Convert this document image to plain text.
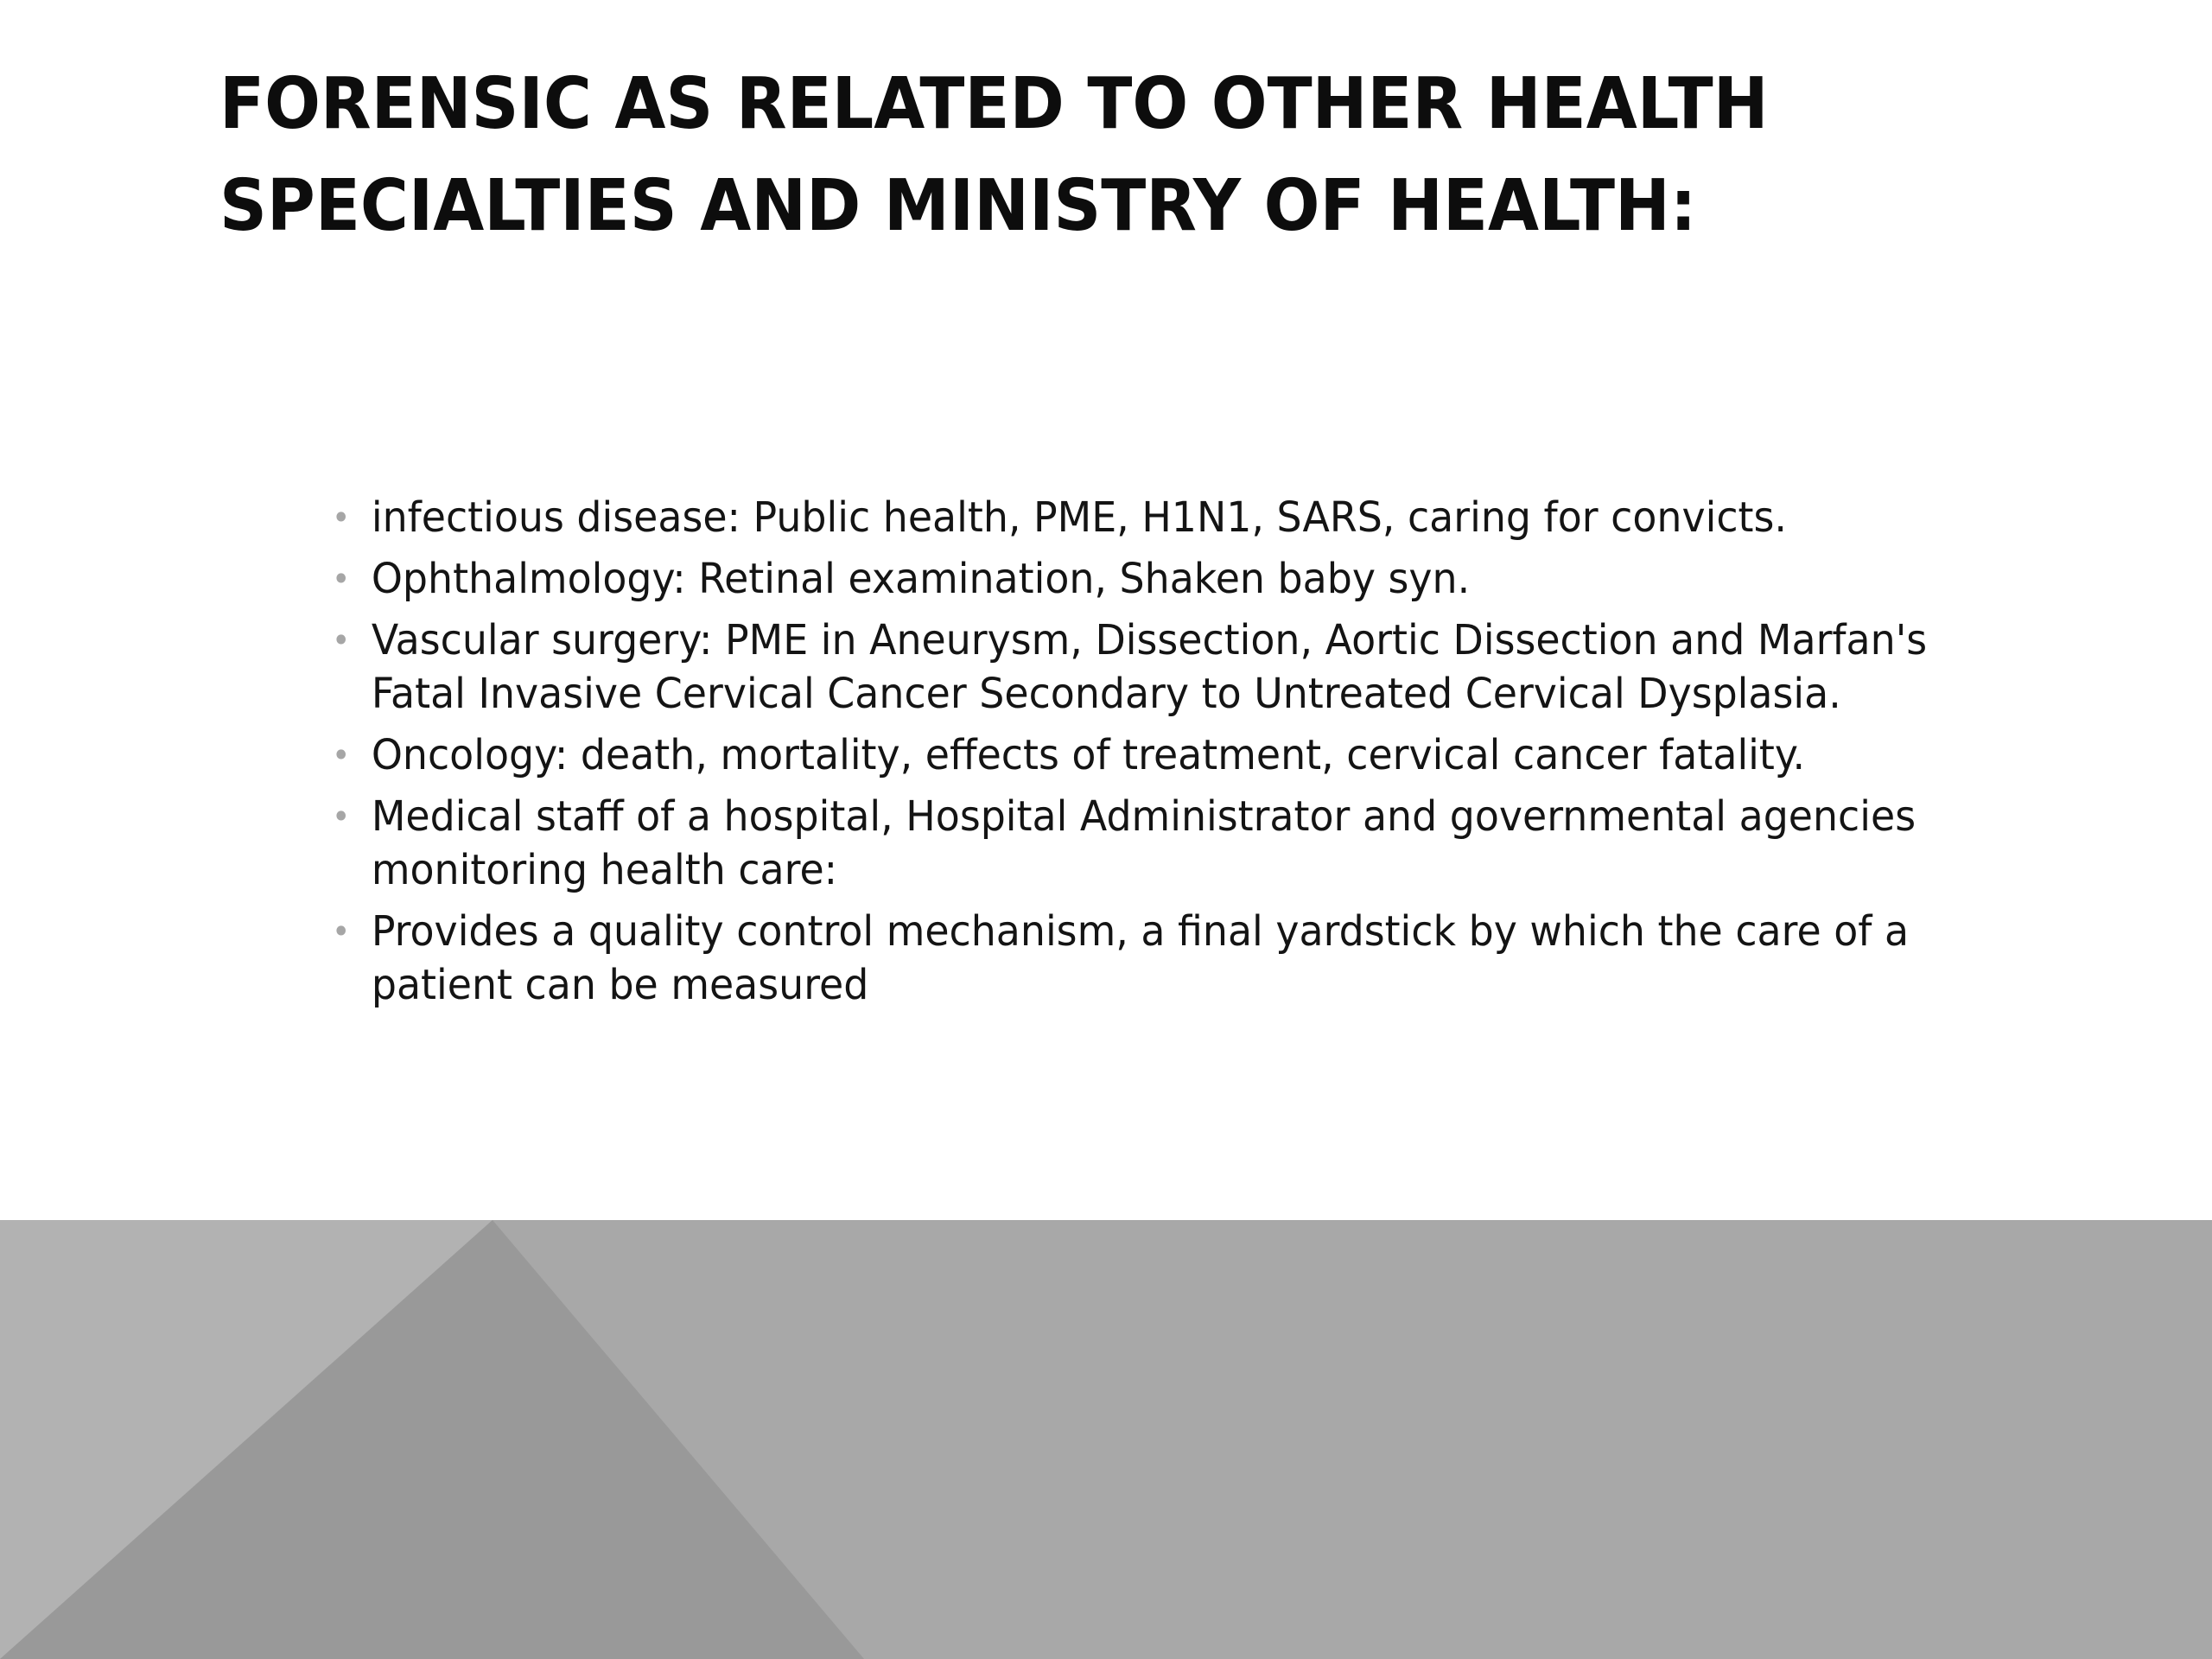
FORENSIC AS RELATED TO OTHER HEALTH SPECIALTIES AND MINISTRY OF HEALTH:
• infectious disease: Public health, PME, H1N1, SARS, caring for convicts.
• Ophthalmology: Retinal examination, Shaken baby syn.
• Vascular surgery: PME in Aneurysm, Dissection, Aortic Dissection and Marfan's Fatal Invasive Cervical Cancer Secondary to Untreated Cervical Dysplasia.
• Oncology: death, mortality, effects of treatment, cervical cancer fatality.
• Medical staff of a hospital, Hospital Administrator and governmental agencies monitoring health care:
• Provides a quality control mechanism, a final yardstick by which the care of a patient can be measured
